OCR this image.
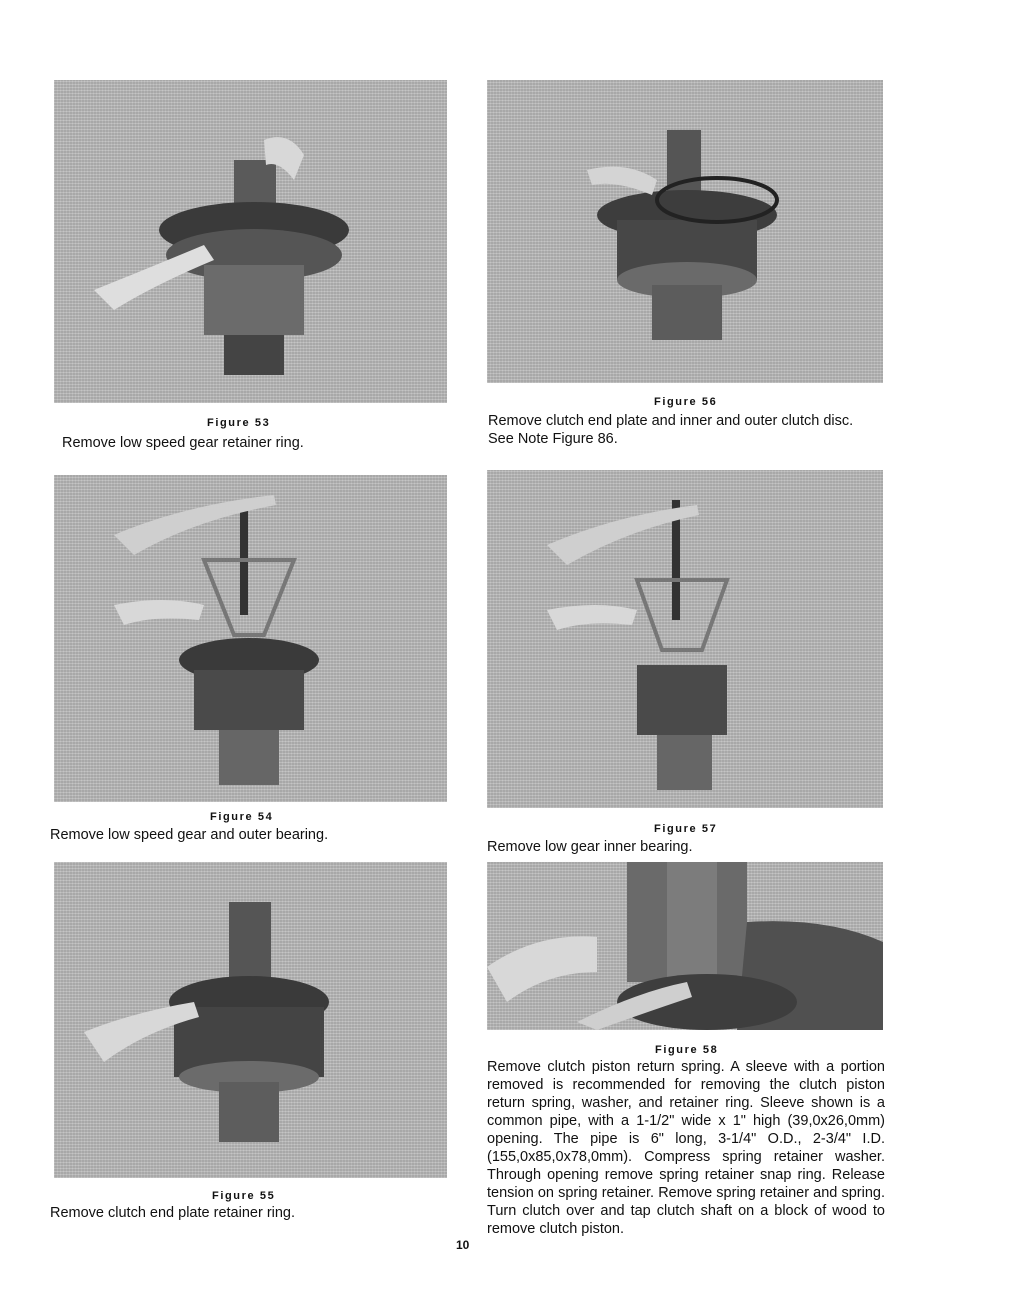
Figure 53
Remove low speed gear retainer ring.
Figure 56
Remove clutch end plate and inner and outer clutch disc.
See Note Figure 86.
Figure 54
Remove low speed gear and outer bearing.	Figure 57
Remove low gear inner bearing.
Figure 55
Remove clutch end plate retainer ring.
Figure 58
Remove clutch piston return spring. A sleeve with a portion removed is recommended for removing the clutch piston return spring, washer, and retainer ring. Sleeve shown is a common pipe, with a 1-1/2" wide x 1" high (39,0x26,0mm) opening. The pipe is 6" long, 3-1/4" O.D., 2-3/4" I.D. (155,0x85,0x78,0mm). Compress spring retainer washer. Through opening remove spring retainer snap ring. Release tension on spring retainer. Remove spring retainer and spring. Turn clutch over and tap clutch shaft on a block of wood to remove clutch piston.
10
